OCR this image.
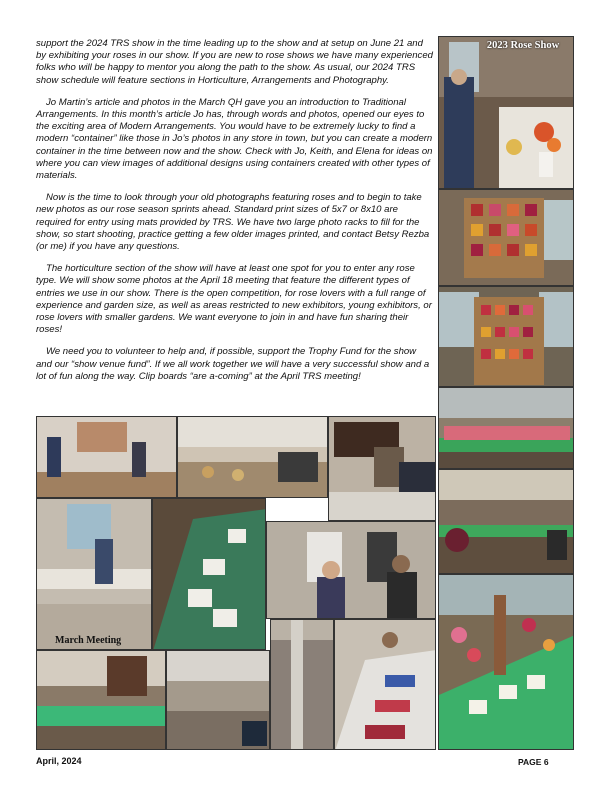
support the 2024 TRS show in the time leading up to the show and at setup on June 21 and by exhibiting your roses in our show. If you are new to rose shows we have many experienced folks who will be happy to mentor you along the path to the show. As usual, our 2024 TRS show schedule will feature sections in Horticulture, Arrangements and Photography.

Jo Martin’s article and photos in the March QH gave you an introduction to Traditional Arrangements. In this month’s article Jo has, through words and photos, opened our eyes to the exciting area of Modern Arrangements. You would have to be extremely lucky to find a modern “container” like those in Jo’s photos in any store in town, but you can create a modern container in the time between now and the show. Check with Jo, Keith, and Elena for ideas on where you can view images of additional designs using containers created with other types of materials.

Now is the time to look through your old photographs featuring roses and to begin to take new photos as our rose season sprints ahead. Standard print sizes of 5x7 or 8x10 are required for entry using mats provided by TRS. We have two large photo racks to fill for the show, so start shooting, practice getting a few older images printed, and contact Betsy Rezba (or me) if you have any questions.

The horticulture section of the show will have at least one spot for you to enter any rose type. We will show some photos at the April 18 meeting that feature the different types of entries we use in our show. There is the open competition, for rose lovers with a full range of experience and garden size, as well as areas restricted to new exhibitors, young exhibitors, or rose lovers with smaller gardens. We want everyone to join in and have fun sharing their roses!

We need you to volunteer to help and, if possible, support the Trophy Fund for the show and our “show venue fund”. If we all work together we will have a very successful show and a lot of fun along the way. Clip boards “are a-coming” at the April TRS meeting!

2023 Rose Show
March Meeting
April, 2024	PAGE 6
